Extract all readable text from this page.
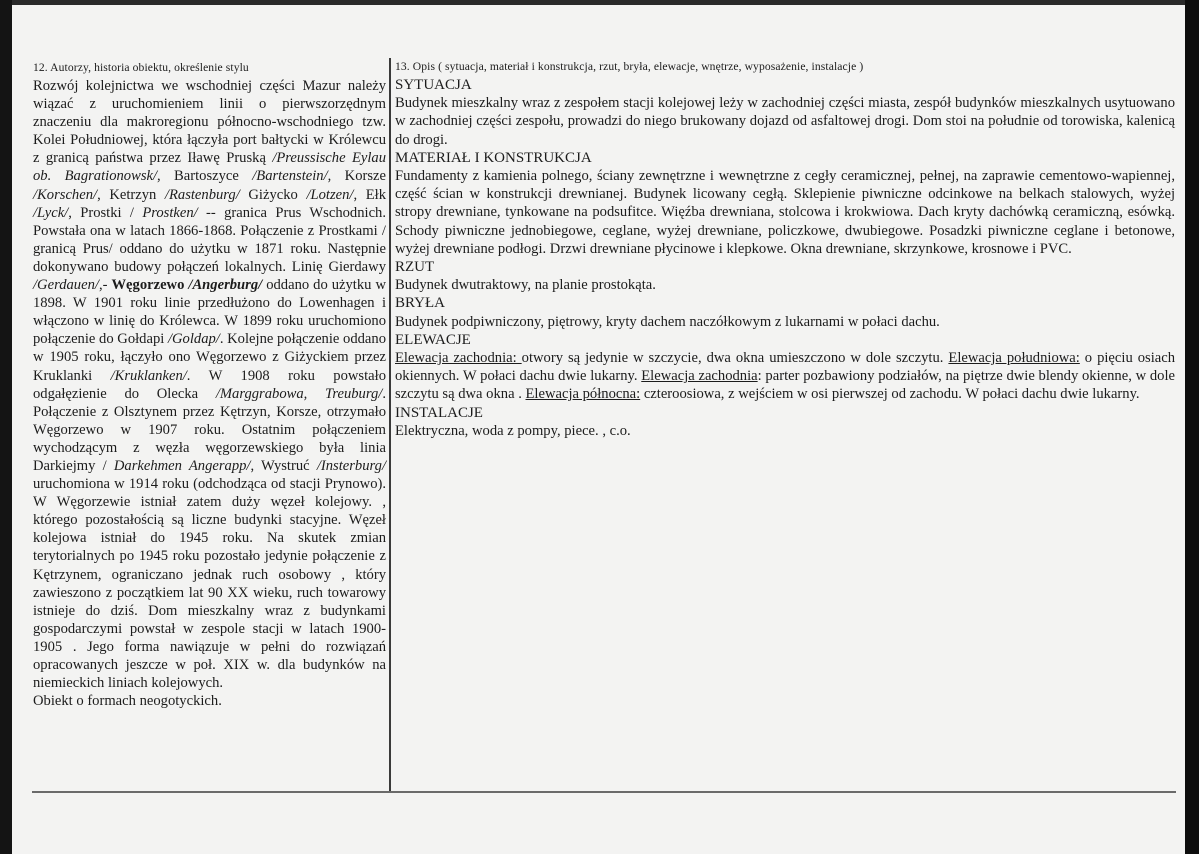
12. Autorzy, historia obiektu, określenie stylu

Rozwój kolejnictwa we wschodniej części Mazur należy wiązać z uruchomieniem linii o pierwszorzędnym znaczeniu dla makroregionu północno-wschodniego tzw. Kolei Południowej, która łączyła port bałtycki w Królewcu z granicą państwa przez Iławę Pruską /Preussische Eylau ob. Bagrationowsk/, Bartoszyce /Bartenstein/, Korsze /Korschen/, Ketrzyn /Rastenburg/ Giżycko /Lotzen/, Ełk /Lyck/, Prostki / Prostken/ -- granica Prus Wschodnich. Powstała ona w latach 1866-1868. Połączenie z Prostkami / granicą Prus/ oddano do użytku w 1871 roku. Następnie dokonywano budowy połączeń lokalnych. Linię Gierdawy /Gerdauen/,- Węgorzewo /Angerburg/ oddano do użytku w 1898. W 1901 roku linie przedłużono do Lowenhagen i włączono w linię do Królewca. W 1899 roku uruchomiono połączenie do Gołdapi /Goldap/. Kolejne połączenie oddano w 1905 roku, łączyło ono Węgorzewo z Giżyckiem przez Kruklanki /Kruklanken/. W 1908 roku powstało odgałęzienie do Olecka /Marggrabowa, Treuburg/. Połączenie z Olsztynem przez Kętrzyn, Korsze, otrzymało Węgorzewo w 1907 roku. Ostatnim połączeniem wychodzącym z węzła węgorzewskiego była linia Darkiejmy / Darkehmen Angerapp/, Wystruć /Insterburg/ uruchomiona w 1914 roku (odchodząca od stacji Prynowo). W Węgorzewie istniał zatem duży węzeł kolejowy. , którego pozostałością są liczne budynki stacyjne. Węzeł kolejowa istniał do 1945 roku. Na skutek zmian terytorialnych po 1945 roku pozostało jedynie połączenie z Kętrzynem, ograniczano jednak ruch osobowy , który zawieszono z początkiem lat 90 XX wieku, ruch towarowy istnieje do dziś. Dom mieszkalny wraz z budynkami gospodarczymi powstał w zespole stacji w latach 1900- 1905 . Jego forma nawiązuje w pełni do rozwiązań opracowanych jeszcze w poł. XIX w. dla budynków na niemieckich liniach kolejowych.

Obiekt o formach neogotyckich.

13. Opis ( sytuacja, materiał i konstrukcja, rzut, bryła, elewacje, wnętrze, wyposażenie, instalacje )
SYTUACJA

Budynek mieszkalny wraz z zespołem stacji kolejowej leży w zachodniej części miasta, zespół budynków mieszkalnych usytuowano w zachodniej części zespołu, prowadzi do niego brukowany dojazd od asfaltowej drogi. Dom stoi na południe od torowiska, kalenicą do drogi.

MATERIAŁ I KONSTRUKCJA

Fundamenty z kamienia polnego, ściany zewnętrzne i wewnętrzne z cegły ceramicznej, pełnej, na zaprawie cementowo-wapiennej, część ścian w konstrukcji drewnianej. Budynek licowany cegłą. Sklepienie piwniczne odcinkowe na belkach stalowych, wyżej stropy drewniane, tynkowane na podsufitce. Więźba drewniana, stolcowa i krokwiowa. Dach kryty dachówką ceramiczną, esówką. Schody piwniczne jednobiegowe, ceglane, wyżej drewniane, policzkowe, dwubiegowe. Posadzki piwniczne ceglane i betonowe, wyżej drewniane podłogi. Drzwi drewniane płycinowe i klepkowe. Okna drewniane, skrzynkowe, krosnowe i PVC.

RZUT

Budynek dwutraktowy, na planie prostokąta.

BRYŁA

Budynek podpiwniczony, piętrowy, kryty dachem naczółkowym z lukarnami w połaci dachu.

ELEWACJE

Elewacja zachodnia: otwory są jedynie w szczycie, dwa okna umieszczono w dole szczytu. Elewacja południowa: o pięciu osiach okiennych. W połaci dachu dwie lukarny. Elewacja zachodnia: parter pozbawiony podziałów, na piętrze dwie blendy okienne, w dole szczytu są dwa okna . Elewacja północna: czteroosiowa, z wejściem w osi pierwszej od zachodu. W połaci dachu dwie lukarny.

INSTALACJE

Elektryczna, woda z pompy, piece. , c.o.
